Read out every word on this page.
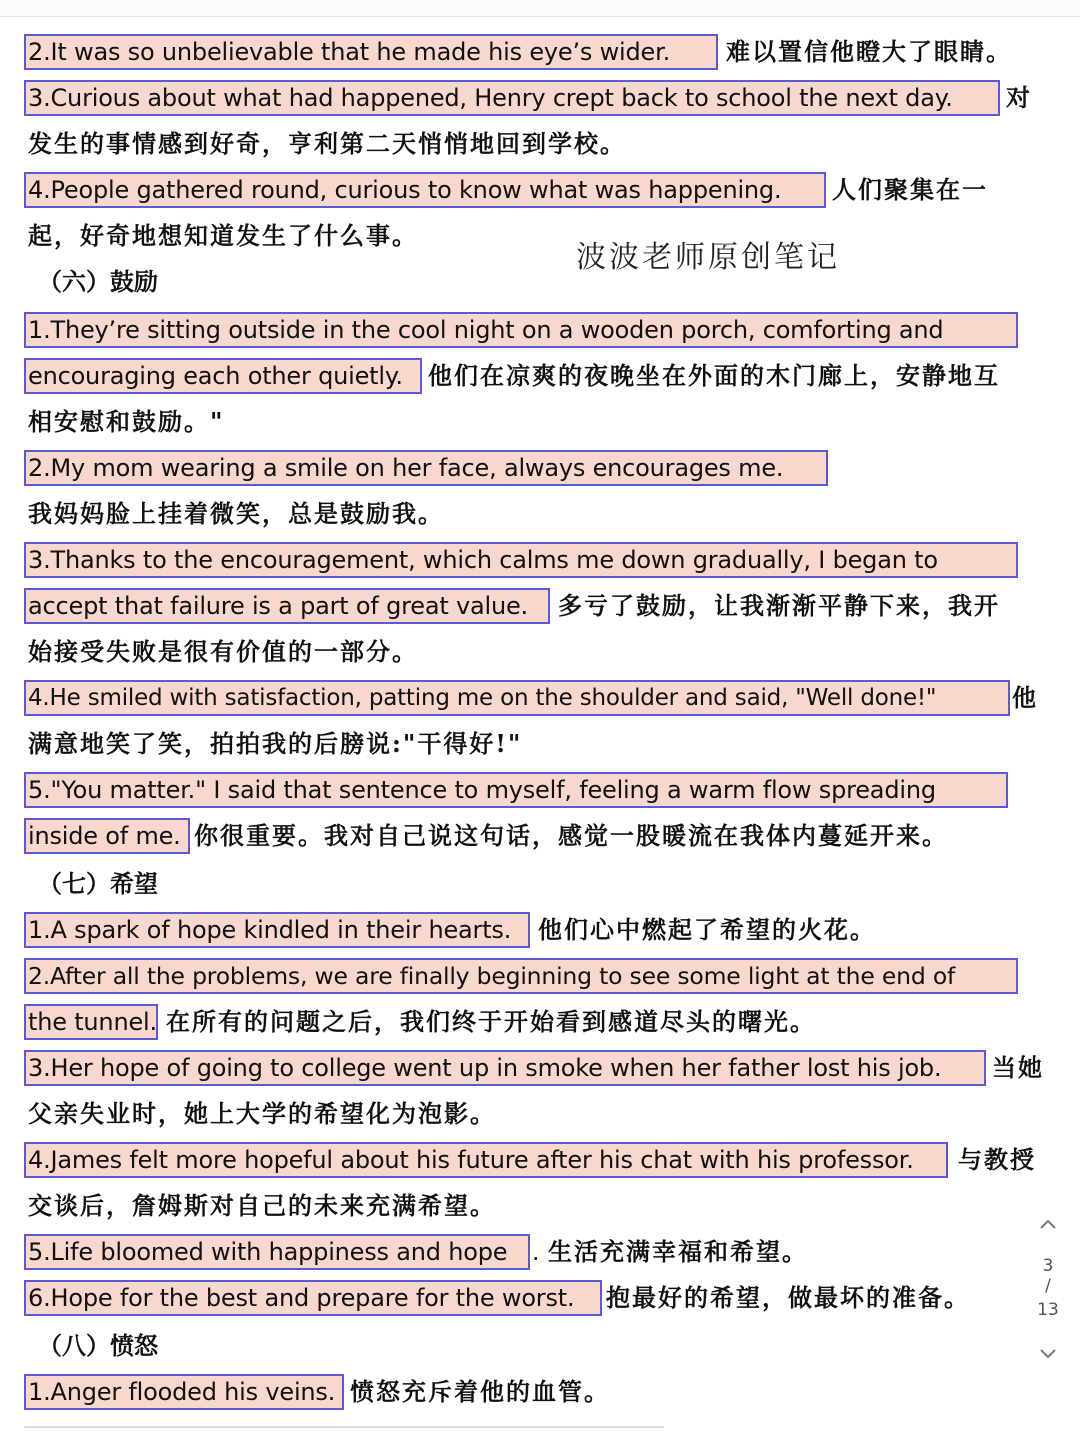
2.It was so unbelievable that he made his eye’s wider. 难以置信他瞪大了眼睛。
3.Curious about what had happened, Henry crept back to school the next day. 对
发生的事情感到好奇，亨利第二天悄悄地回到学校。
4.People gathered round, curious to know what was happening. 人们聚集在一
起，好奇地想知道发生了什么事。
波波老师原创笔记
（六）鼓励
1.They’re sitting outside in the cool night on a wooden porch, comforting and
encouraging each other quietly. 他们在凉爽的夜晚坐在外面的木门廊上，安静地互
相安慰和鼓励。"
2.My mom wearing a smile on her face, always encourages me.
我妈妈脸上挂着微笑，总是鼓励我。
3.Thanks to the encouragement, which calms me down gradually, I began to
accept that failure is a part of great value. 多亏了鼓励，让我渐渐平静下来，我开
始接受失败是很有价值的一部分。
4.He smiled with satisfaction, patting me on the shoulder and said, "Well done!"	他
满意地笑了笑，拍拍我的后膀说:"干得好!"
5."You matter." I said that sentence to myself, feeling a warm flow spreading
inside of me. 你很重要。我对自己说这句话，感觉一股暖流在我体内蔓延开来。
（七）希望
1.A spark of hope kindled in their hearts. 他们心中燃起了希望的火花。
2.After all the problems, we are finally beginning to see some light at the end of
the tunnel. 在所有的问题之后，我们终于开始看到感道尽头的曙光。
3.Her hope of going to college went up in smoke when her father lost his job. 当她
父亲失业时，她上大学的希望化为泡影。
4.James felt more hopeful about his future after his chat with his professor. 与教授
交谈后，詹姆斯对自己的未来充满希望。
5.Life bloomed with happiness and hope . 生活充满幸福和希望。
6.Hope for the best and prepare for the worst. 抱最好的希望，做最坏的准备。
（八）愤怒
1.Anger flooded his veins. 愤怒充斥着他的血管。
3
/
13
